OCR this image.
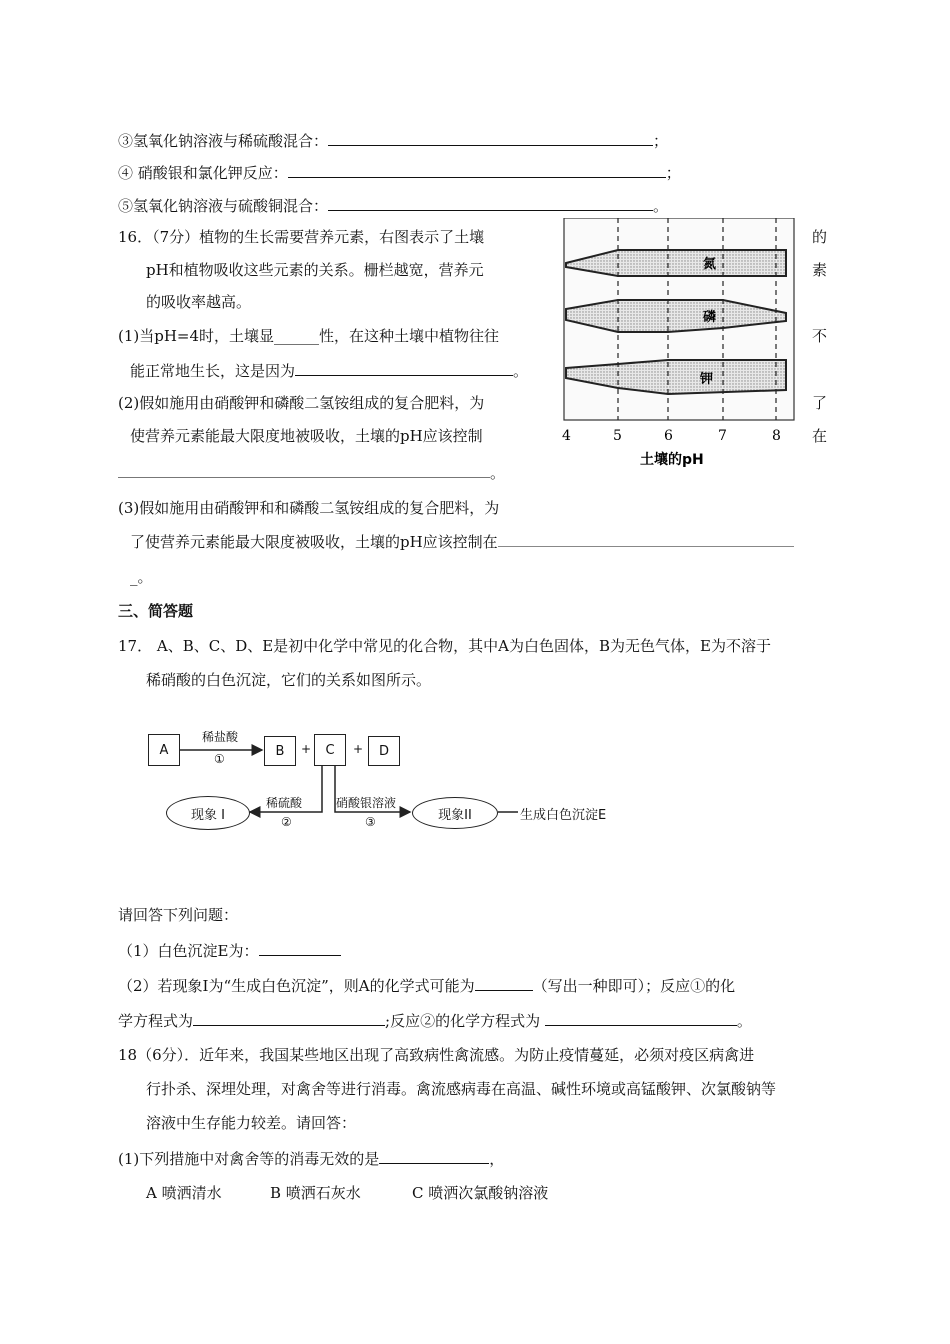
③氢氧化钠溶液与稀硫酸混合：	；
④ 硝酸银和氯化钾反应：	；
⑤氢氧化钠溶液与硫酸铜混合：	。
16．（7分）植物的生长需要营养元素，右图表示了土壤	的
pH和植物吸收这些元素的关系。栅栏越宽，营养元	素
的吸收率越高。
(1)当pH=4时，土壤显______性，在这种土壤中植物往往	不
能正常地生长，这是因为	。
(2)假如施用由硝酸钾和磷酸二氢铵组成的复合肥料，为	了
使营养元素能最大限度地被吸收，土壤的pH应该控制	在
。
(3)假如施用由硝酸钾和和磷酸二氢铵组成的复合肥料，为
了使营养元素能最大限度被吸收，土壤的pH应该控制在
_。
氮
磷
钾
4	5	6	7	8
土壤的pH
三、简答题
17． A、B、C、D、E是初中化学中常见的化合物，其中A为白色固体，B为无色气体，E为不溶于
稀硝酸的白色沉淀，它们的关系如图所示。
A	B	+	C	+	D
稀盐酸
①
现象 I
稀硫酸
②
硝酸银溶液
③	现象II	生成白色沉淀E
请回答下列问题：
（1）白色沉淀E为：
（2）若现象Ⅰ为“生成白色沉淀”，则A的化学式可能为	（写出一种即可）；反应①的化
学方程式为	;反应②的化学方程式为	。
18（6分）．近年来，我国某些地区出现了高致病性禽流感。为防止疫情蔓延，必须对疫区病禽进
行扑杀、深埋处理，对禽舍等进行消毒。禽流感病毒在高温、碱性环境或高锰酸钾、次氯酸钠等
溶液中生存能力较差。请回答：
(1)下列措施中对禽舍等的消毒无效的是	，
A 喷洒清水	B 喷洒石灰水	C 喷洒次氯酸钠溶液
